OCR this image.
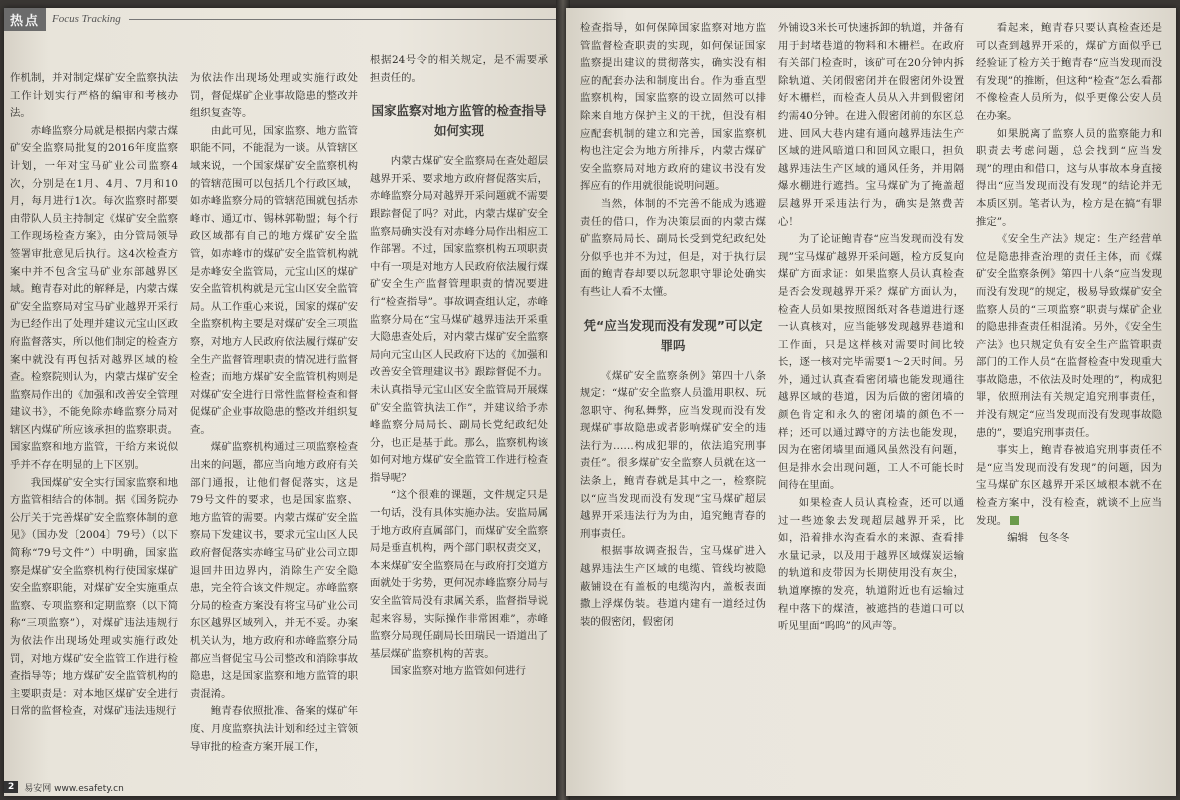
热点	Focus Tracking

作机制，并对制定煤矿安全监察执法工作计划实行严格的编审和考核办法。

赤峰监察分局就是根据内蒙古煤矿安全监察局批复的2016年度监察计划，一年对宝马矿业公司监察4次，分别是在1月、4月、7月和10月，每月进行1次。每次监察时都要由带队人员主持制定《煤矿安全监察工作现场检查方案》，由分管局领导签署审批意见后执行。这4次检查方案中并不包含宝马矿业东部越界区域。鲍青春对此的解释是，内蒙古煤矿安全监察局对宝马矿业越界开采行为已经作出了处理并建议元宝山区政府监督落实，所以他们制定的检查方案中就没有再包括对越界区域的检查。检察院则认为，内蒙古煤矿安全监察局作出的《加强和改善安全管理建议书》，不能免除赤峰监察分局对辖区内煤矿所应该承担的监察职责。国家监察和地方监管，干给方来说似乎并不存在明显的上下区别。

我国煤矿安全实行国家监察和地方监管相结合的体制。据《国务院办公厅关于完善煤矿安全监察体制的意见》（国办发〔2004〕79号）（以下简称“79号文件”）中明确，国家监察是煤矿安全监察机构行使国家煤矿安全监察职能，对煤矿安全实施重点监察、专项监察和定期监察（以下简称“三项监察”），对煤矿违法违规行为依法作出现场处理或实施行政处罚，对地方煤矿安全监管工作进行检查指导等；地方煤矿安全监管机构的主要职责是：对本地区煤矿安全进行日常的监督检查，对煤矿违法违规行

为依法作出现场处理或实施行政处罚，督促煤矿企业事故隐患的整改并组织复查等。

由此可见，国家监察、地方监管职能不同，不能混为一谈。从管辖区域来说，一个国家煤矿安全监察机构的管辖范围可以包括几个行政区域，如赤峰监察分局的管辖范围就包括赤峰市、通辽市、锡林郭勒盟；每个行政区域都有自己的地方煤矿安全监管，如赤峰市的煤矿安全监管机构就是赤峰安全监管局，元宝山区的煤矿安全监管机构就是元宝山区安全监管局。从工作重心来说，国家的煤矿安全监察机构主要是对煤矿安全三项监察，对地方人民政府依法履行煤矿安全生产监督管理职责的情况进行监督检查；而地方煤矿安全监管机构则是对煤矿安全进行日常性监督检查和督促煤矿企业事故隐患的整改并组织复查。

煤矿监察机构通过三项监察检查出来的问题，都应当向地方政府有关部门通报，让他们督促落实，这是79号文件的要求，也是国家监察、地方监管的需要。内蒙古煤矿安全监察局下发建议书，要求元宝山区人民政府督促落实赤峰宝马矿业公司立即退回井田边界内，消除生产安全隐患，完全符合该文件规定。赤峰监察分局的检查方案没有将宝马矿业公司东区越界区域列入，并无不妥。办案机关认为，地方政府和赤峰监察分局都应当督促宝马公司整改和消除事故隐患，这是国家监察和地方监管的职责混淆。

鲍青春依照批准、备案的煤矿年度、月度监察执法计划和经过主管领导审批的检查方案开展工作，

根据24号令的相关规定，是不需要承担责任的。

国家监察对地方监管的检查指导如何实现

内蒙古煤矿安全监察局在查处超层越界开采、要求地方政府督促落实后，赤峰监察分局对越界开采问题就不需要跟踪督促了吗？对此，内蒙古煤矿安全监察局确实没有对赤峰分局作出相应工作部署。不过，国家监察机构五项职责中有一项是对地方人民政府依法履行煤矿安全生产监督管理职责的情况要进行“检查指导”。事故调查组认定，赤峰监察分局在“宝马煤矿越界违法开采重大隐患查处后，对内蒙古煤矿安全监察局向元宝山区人民政府下达的《加强和改善安全管理建议书》跟踪督促不力。未认真指导元宝山区安全监管局开展煤矿安全监管执法工作”，并建议给予赤峰监察分局局长、副局长党纪政纪处分，也正是基于此。那么，监察机构该如何对地方煤矿安全监管工作进行检查指导呢？

“这个很难的课题，文件规定只是一句话，没有具体实施办法。安监局属于地方政府直属部门，而煤矿安全监察局是垂直机构，两个部门职权责交叉，本来煤矿安全监察局在与政府打交道方面就处于劣势，更何况赤峰监察分局与安全监管局没有隶属关系，监督指导说起来容易，实际操作非常困难”，赤峰监察分局现任副局长田瑞民一语道出了基层煤矿监察机构的苦衷。

国家监察对地方监管如何进行

2	易安网 www.esafety.cn

检查指导，如何保障国家监察对地方监管监督检查职责的实现，如何保证国家监察提出建议的贯彻落实，确实没有相应的配套办法和制度出台。作为垂直型监察机构，国家监察的设立固然可以排除来自地方保护主义的干扰，但没有相应配套机制的建立和完善，国家监察机构也注定会为地方所排斥，内蒙古煤矿安全监察局对地方政府的建议书没有发挥应有的作用就很能说明问题。

当然，体制的不完善不能成为逃避责任的借口，作为决策层面的内蒙古煤矿监察局局长、副局长受到党纪政纪处分似乎也并不为过，但是，对于执行层面的鲍青春却要以玩忽职守罪论处确实有些让人看不太懂。

凭“应当发现而没有发现”可以定罪吗

《煤矿安全监察条例》第四十八条规定：“煤矿安全监察人员滥用职权、玩忽职守、徇私舞弊，应当发现而没有发现煤矿事故隐患或者影响煤矿安全的违法行为……构成犯罪的，依法追究刑事责任”。很多煤矿安全监察人员就在这一法条上，鲍青春就是其中之一，检察院以“应当发现而没有发现”宝马煤矿超层越界开采违法行为为由，追究鲍青春的刑事责任。

根据事故调查报告，宝马煤矿进入越界违法生产区域的电缆、管线均被隐蔽铺设在有盖板的电缆沟内，盖板表面撒上浮煤伪装。巷道内建有一道经过伪装的假密闭，假密闭

外铺设3米长可快速拆卸的轨道，并备有用于封堵巷道的物料和木栅栏。在政府有关部门检查时，该矿可在20分钟内拆除轨道、关闭假密闭并在假密闭外设置好木栅栏，而检查人员从入井到假密闭约需40分钟。在进入假密闭前的东区总进、回风大巷内建有通向越界违法生产区域的进风暗道口和回风立眼口，担负越界违法生产区域的通风任务，并用隔爆水棚进行遮挡。宝马煤矿为了掩盖超层越界开采违法行为，确实是煞费苦心！

为了论证鲍青春“应当发现而没有发现”宝马煤矿越界开采问题，检方反复向煤矿方面求证：如果监察人员认真检查是否会发现越界开采？煤矿方面认为，检查人员如果按照图纸对各巷道进行逐一认真核对，应当能够发现越界巷道和工作面，只是这样核对需要时间比较长，逐一核对完毕需要1～2天时间。另外，通过认真查看密闭墙也能发现通往越界区域的巷道，因为后做的密闭墙的颜色肯定和永久的密闭墙的颜色不一样；还可以通过蹲守的方法也能发现，因为在密闭墙里面通风虽然没有问题，但是排水会出现问题，工人不可能长时间待在里面。

如果检查人员认真检查，还可以通过一些迹象去发现超层越界开采，比如，沿着排水沟查看水的来源、查看排水量记录，以及用于越界区域煤炭运输的轨道和皮带因为长期使用没有灰尘，轨道摩擦的发亮，轨道附近也有运输过程中落下的煤渣，被遮挡的巷道口可以听见里面“呜呜”的风声等。

看起来，鲍青春只要认真检查还是可以查到越界开采的，煤矿方面似乎已经验证了检方关于鲍青春“应当发现而没有发现”的推断，但这种“检查”怎么看都不像检查人员所为，似乎更像公安人员在办案。

如果脱离了监察人员的监察能力和职责去考虑问题，总会找到“应当发现”的理由和借口，这与从事故本身直接得出“应当发现而没有发现”的结论并无本质区别。笔者认为，检方是在搞“有罪推定”。

《安全生产法》规定：生产经营单位是隐患排查治理的责任主体，而《煤矿安全监察条例》第四十八条“应当发现而没有发现”的规定，极易导致煤矿安全监察人员的“三项监察”职责与煤矿企业的隐患排查责任相混淆。另外，《安全生产法》也只规定负有安全生产监管职责部门的工作人员“在监督检查中发现重大事故隐患，不依法及时处理的”，构成犯罪，依照刑法有关规定追究刑事责任，并没有规定“应当发现而没有发现事故隐患的”，要追究刑事责任。

事实上，鲍青春被追究刑事责任不是“应当发现而没有发现”的问题，因为宝马煤矿东区越界开采区域根本就不在检查方案中，没有检查，就谈不上应当发现。

编辑　包冬冬
